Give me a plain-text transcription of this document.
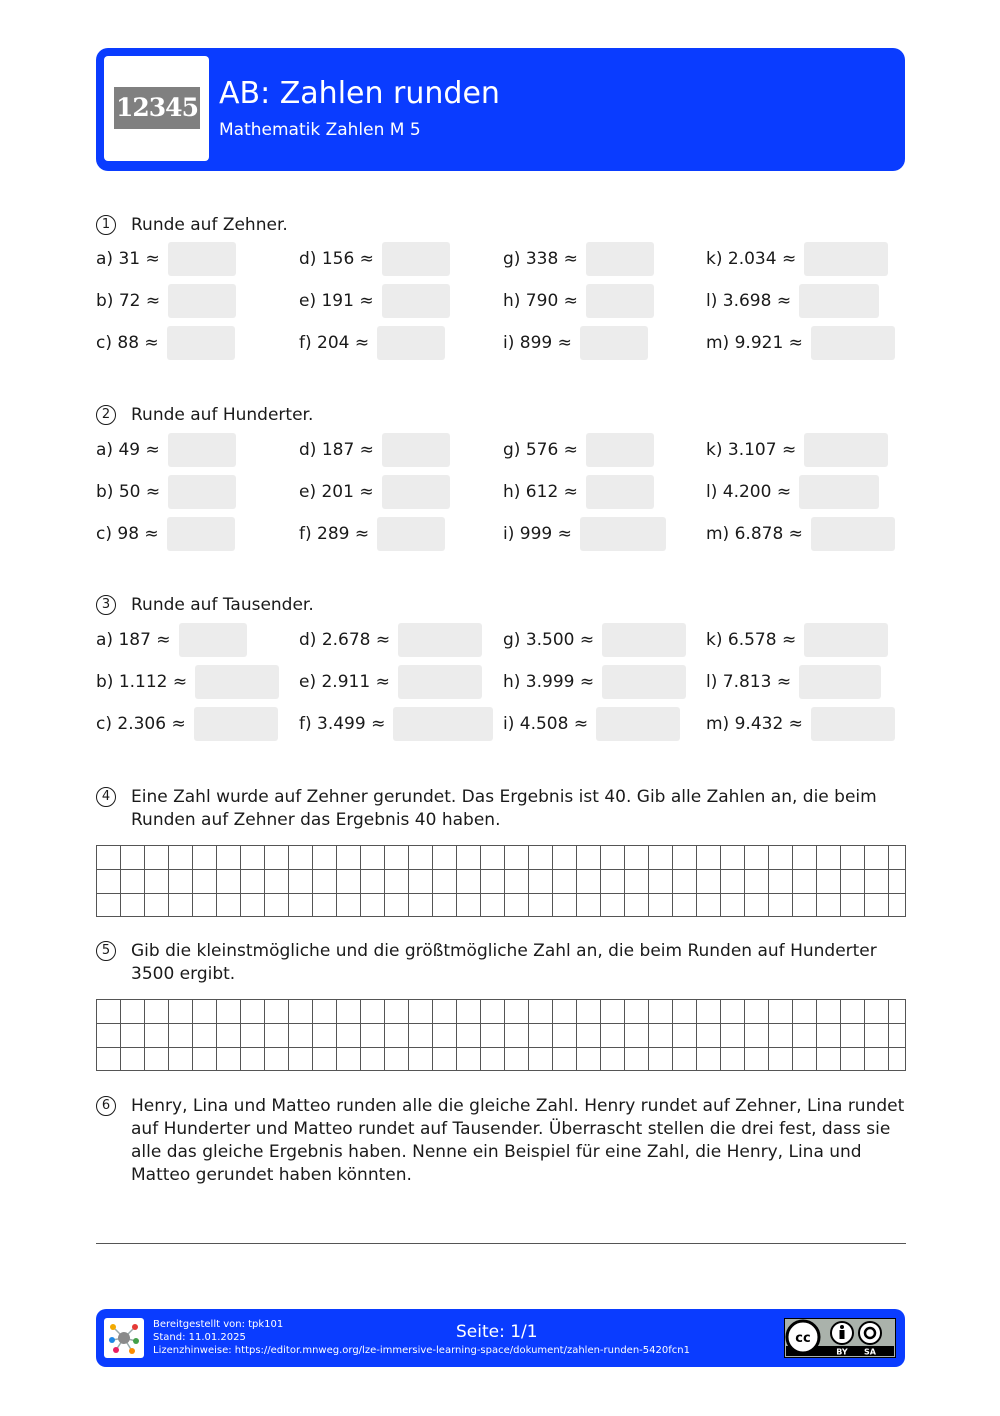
12345 AB: Zahlen runden
Mathematik Zahlen M 5
1	Runde auf Zehner.
a) 31 ≈
b) 72 ≈
c) 88 ≈
d) 156 ≈
e) 191 ≈
f) 204 ≈
g) 338 ≈
h) 790 ≈
i) 899 ≈
k) 2.034 ≈
l) 3.698 ≈
m) 9.921 ≈
2	Runde auf Hunderter.
a) 49 ≈
b) 50 ≈
c) 98 ≈
d) 187 ≈
e) 201 ≈
f) 289 ≈
g) 576 ≈
h) 612 ≈
i) 999 ≈
k) 3.107 ≈
l) 4.200 ≈
m) 6.878 ≈
3	Runde auf Tausender.
a) 187 ≈
b) 1.112 ≈
c) 2.306 ≈
d) 2.678 ≈
e) 2.911 ≈
f) 3.499 ≈
g) 3.500 ≈
h) 3.999 ≈
i) 4.508 ≈
k) 6.578 ≈
l) 7.813 ≈
m) 9.432 ≈
4	Eine Zahl wurde auf Zehner gerundet. Das Ergebnis ist 40. Gib alle Zahlen an, die beim Runden auf Zehner das Ergebnis 40 haben.
5	Gib die kleinstmögliche und die größtmögliche Zahl an, die beim Runden auf Hunderter 3500 ergibt.
6	Henry, Lina und Matteo runden alle die gleiche Zahl. Henry rundet auf Zehner, Lina rundet auf Hunderter und Matteo rundet auf Tausender. Überrascht stellen die drei fest, dass sie alle das gleiche Ergebnis haben. Nenne ein Beispiel für eine Zahl, die Henry, Lina und Matteo gerundet haben könnten.
Bereitgestellt von: tpk101
Stand: 11.01.2025
Lizenzhinweise: https://editor.mnweg.org/lze-immersive-learning-space/dokument/zahlen-runden-5420fcn1
Seite: 1/1	cc
BY SA
